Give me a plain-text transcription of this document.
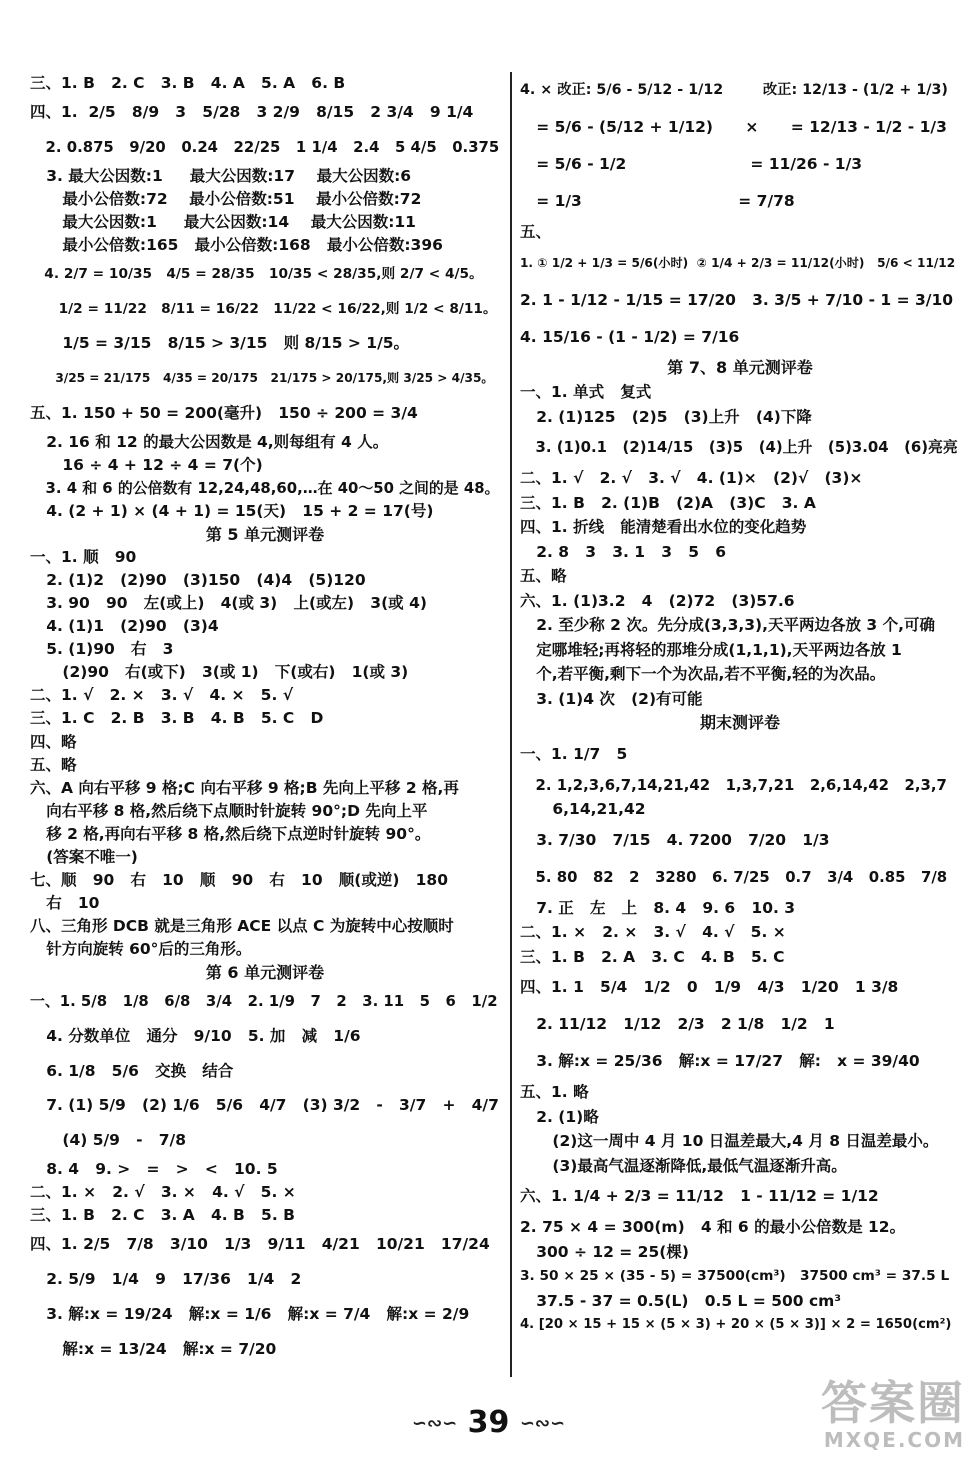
三、1. B   2. C   3. B   4. A   5. A   6. B
四、1.  2/5   8/9   3   5/28   3 2/9   8/15   2 3/4   9 1/4
2. 0.875   9/20   0.24   22/25   1 1/4   2.4   5 4/5   0.375
3. 最大公因数:1     最大公因数:17    最大公因数:6
最小公倍数:72    最小公倍数:51    最小公倍数:72
最大公因数:1     最大公因数:14    最大公因数:11
最小公倍数:165   最小公倍数:168   最小公倍数:396
4. 2/7 = 10/35   4/5 = 28/35   10/35 < 28/35,则 2/7 < 4/5。
1/2 = 11/22   8/11 = 16/22   11/22 < 16/22,则 1/2 < 8/11。
1/5 = 3/15   8/15 > 3/15   则 8/15 > 1/5。
3/25 = 21/175   4/35 = 20/175   21/175 > 20/175,则 3/25 > 4/35。
五、1. 150 + 50 = 200(毫升)   150 ÷ 200 = 3/4
2. 16 和 12 的最大公因数是 4,则每组有 4 人。
16 ÷ 4 + 12 ÷ 4 = 7(个)
3. 4 和 6 的公倍数有 12,24,48,60,…在 40～50 之间的是 48。
4. (2 + 1) × (4 + 1) = 15(天)   15 + 2 = 17(号)
第 5 单元测评卷
一、1. 顺   90
2. (1)2   (2)90   (3)150   (4)4   (5)120
3. 90   90   左(或上)   4(或 3)   上(或左)   3(或 4)
4. (1)1   (2)90   (3)4
5. (1)90   右   3
(2)90   右(或下)   3(或 1)   下(或右)   1(或 3)
二、1. √   2. ×   3. √   4. ×   5. √
三、1. C   2. B   3. B   4. B   5. C   D
四、略
五、略
六、A 向右平移 9 格;C 向右平移 9 格;B 先向上平移 2 格,再
向右平移 8 格,然后绕下点顺时针旋转 90°;D 先向上平
移 2 格,再向右平移 8 格,然后绕下点逆时针旋转 90°。
(答案不唯一)
七、顺   90   右   10   顺   90   右   10   顺(或逆)   180
右   10
八、三角形 DCB 就是三角形 ACE 以点 C 为旋转中心按顺时
针方向旋转 60°后的三角形。
第 6 单元测评卷
一、1. 5/8   1/8   6/8   3/4   2. 1/9   7   2   3. 11   5   6   1/2
4. 分数单位   通分   9/10   5. 加   减   1/6
6. 1/8   5/6   交换   结合
7. (1) 5/9   (2) 1/6   5/6   4/7   (3) 3/2   -   3/7   +   4/7
(4) 5/9   -   7/8
8. 4   9. >   =   >   <   10. 5
二、1. ×   2. √   3. ×   4. √   5. ×
三、1. B   2. C   3. A   4. B   5. B
四、1. 2/5   7/8   3/10   1/3   9/11   4/21   10/21   17/24
2. 5/9   1/4   9   17/36   1/4   2
3. 解:x = 19/24   解:x = 1/6   解:x = 7/4   解:x = 2/9
解:x = 13/24   解:x = 7/20
4. × 改正: 5/6 - 5/12 - 1/12        改正: 12/13 - (1/2 + 1/3)
= 5/6 - (5/12 + 1/12)      ×      = 12/13 - 1/2 - 1/3
= 5/6 - 1/2                       = 11/26 - 1/3
= 1/3                             = 7/78
五、
1. ① 1/2 + 1/3 = 5/6(小时)  ② 1/4 + 2/3 = 11/12(小时)   5/6 < 11/12
2. 1 - 1/12 - 1/15 = 17/20   3. 3/5 + 7/10 - 1 = 3/10
4. 15/16 - (1 - 1/2) = 7/16
第 7、8 单元测评卷
一、1. 单式   复式
2. (1)125   (2)5   (3)上升   (4)下降
3. (1)0.1   (2)14/15   (3)5   (4)上升   (5)3.04   (6)亮亮
二、1. √   2. √   3. √   4. (1)×   (2)√   (3)×
三、1. B   2. (1)B   (2)A   (3)C   3. A
四、1. 折线   能清楚看出水位的变化趋势
2. 8   3   3. 1   3   5   6
五、略
六、1. (1)3.2   4   (2)72   (3)57.6
2. 至少称 2 次。先分成(3,3,3),天平两边各放 3 个,可确
定哪堆轻;再将轻的那堆分成(1,1,1),天平两边各放 1
个,若平衡,剩下一个为次品,若不平衡,轻的为次品。
3. (1)4 次   (2)有可能
期末测评卷
一、1. 1/7   5
2. 1,2,3,6,7,14,21,42   1,3,7,21   2,6,14,42   2,3,7
6,14,21,42
3. 7/30   7/15   4. 7200   7/20   1/3
5. 80   82   2   3280   6. 7/25   0.7   3/4   0.85   7/8
7. 正   左   上   8. 4   9. 6   10. 3
二、1. ×   2. ×   3. √   4. √   5. ×
三、1. B   2. A   3. C   4. B   5. C
四、1. 1   5/4   1/2   0   1/9   4/3   1/20   1 3/8
2. 11/12   1/12   2/3   2 1/8   1/2   1
3. 解:x = 25/36   解:x = 17/27   解:   x = 39/40
五、1. 略
2. (1)略
(2)这一周中 4 月 10 日温差最大,4 月 8 日温差最小。
(3)最高气温逐渐降低,最低气温逐渐升高。
六、1. 1/4 + 2/3 = 11/12   1 - 11/12 = 1/12
2. 75 × 4 = 300(m)   4 和 6 的最小公倍数是 12。
300 ÷ 12 = 25(棵)
3. 50 × 25 × (35 - 5) = 37500(cm³)   37500 cm³ = 37.5 L
37.5 - 37 = 0.5(L)   0.5 L = 500 cm³
4. [20 × 15 + 15 × (5 × 3) + 20 × (5 × 3)] × 2 = 1650(cm²)
∽∾∽ 39 ∽∾∽	答案圈
MXQE.COM
